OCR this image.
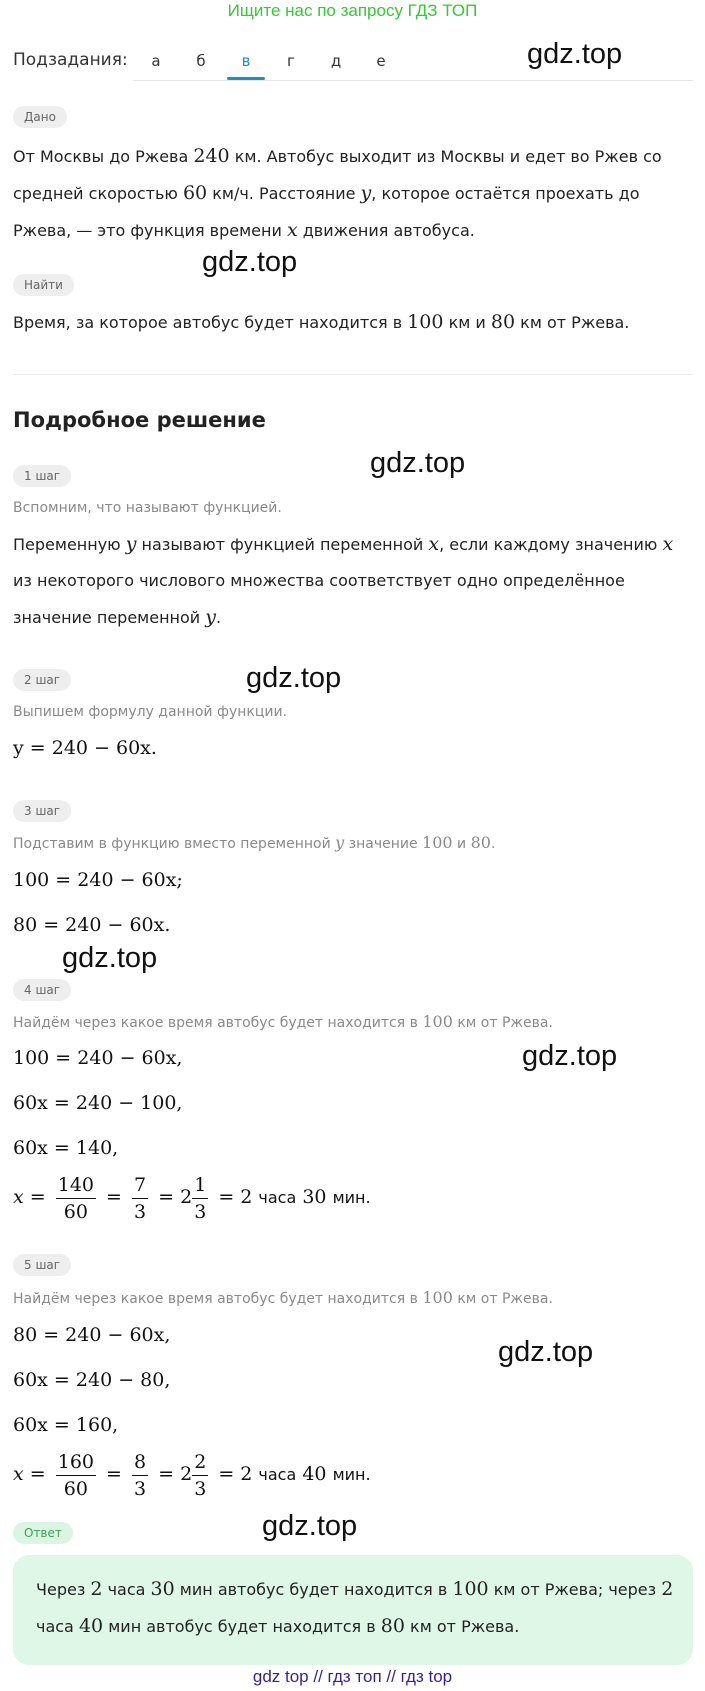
Ищите нас по запросу ГДЗ ТОП
Подзадания:	а	б	в	г	д	е	gdz.top
gdz.top
gdz.top
gdz.top
gdz.top
gdz.top
gdz.top
gdz.top
Дано
От Москвы до Ржева 240 км. Автобус выходит из Москвы и едет во Ржев со
средней скоростью 60 км/ч. Расстояние y, которое остаётся проехать до
Ржева, — это функция времени x движения автобуса.
Найти
Время, за которое автобус будет находится в 100 км и 80 км от Ржева.
Подробное решение
1 шаг
Вспомним, что называют функцией.
Переменную y называют функцией переменной x, если каждому значению x
из некоторого числового множества соответствует одно определённое
значение переменной y.
2 шаг
Выпишем формулу данной функции.
y = 240 − 60x.
3 шаг
Подставим в функцию вместо переменной y значение 100 и 80.
100 = 240 − 60x;
80 = 240 − 60x.
4 шаг
Найдём через какое время автобус будет находится в 100 км от Ржева.
100 = 240 − 60x,
60x = 240 − 100,
60x = 140,
$x = \frac{140}{60} = \frac{7}{3} = 2 \frac{1}{3} = 2$ часа 30 мин.
5 шаг
Найдём через какое время автобус будет находится в 100 км от Ржева.
80 = 240 − 60x,
60x = 240 − 80,
60x = 160,
$x = \frac{160}{60} = \frac{8}{3} = 2 \frac{2}{3} = 2$ часа 40 мин.
Ответ
Через 2 часа 30 мин автобус будет находится в 100 км от Ржева; через 2
часа 40 мин автобус будет находится в 80 км от Ржева.
gdz top // гдз топ // гдз top
